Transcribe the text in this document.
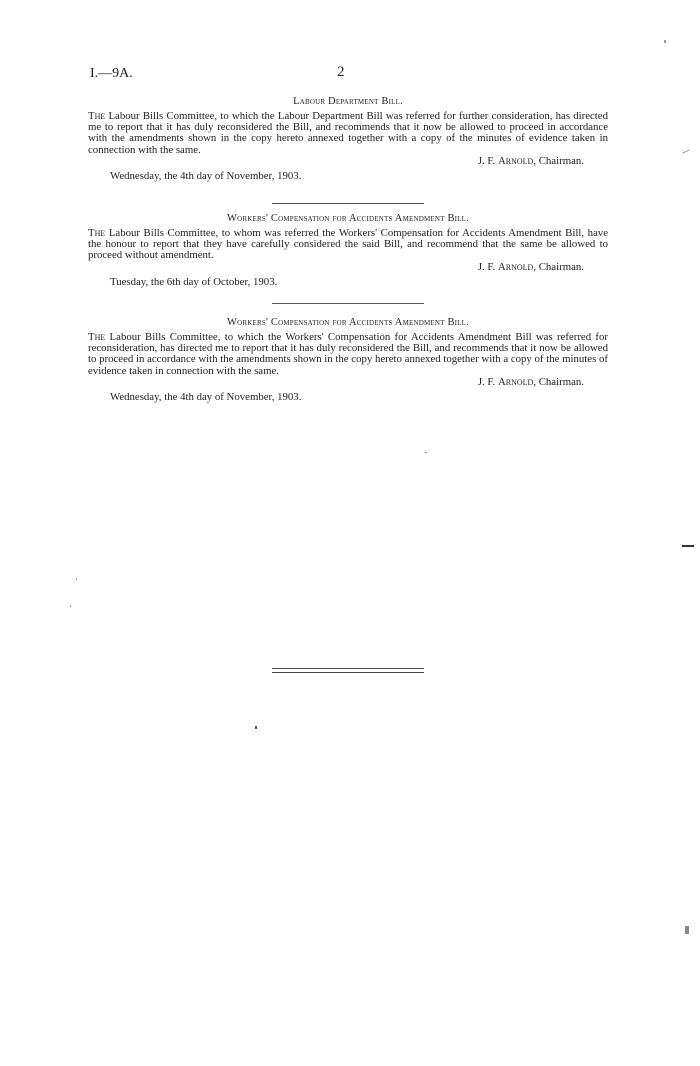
I.—9A.	2
Labour Department Bill.
The Labour Bills Committee, to which the Labour Department Bill was referred for further consideration, has directed me to report that it has duly reconsidered the Bill, and recommends that it now be allowed to proceed in accordance with the amendments shown in the copy hereto annexed together with a copy of the minutes of evidence taken in connection with the same.
J. F. Arnold, Chairman.
Wednesday, the 4th day of November, 1903.
Workers' Compensation for Accidents Amendment Bill.
The Labour Bills Committee, to whom was referred the Workers' Compensation for Accidents Amendment Bill, have the honour to report that they have carefully considered the said Bill, and recommend that the same be allowed to proceed without amendment.
J. F. Arnold, Chairman.
Tuesday, the 6th day of October, 1903.
Workers' Compensation for Accidents Amendment Bill.
The Labour Bills Committee, to which the Workers' Compensation for Accidents Amendment Bill was referred for reconsideration, has directed me to report that it has duly reconsidered the Bill, and recommends that it now be allowed to proceed in accordance with the amendments shown in the copy hereto annexed together with a copy of the minutes of evidence taken in connection with the same.
J. F. Arnold, Chairman.
Wednesday, the 4th day of November, 1903.
